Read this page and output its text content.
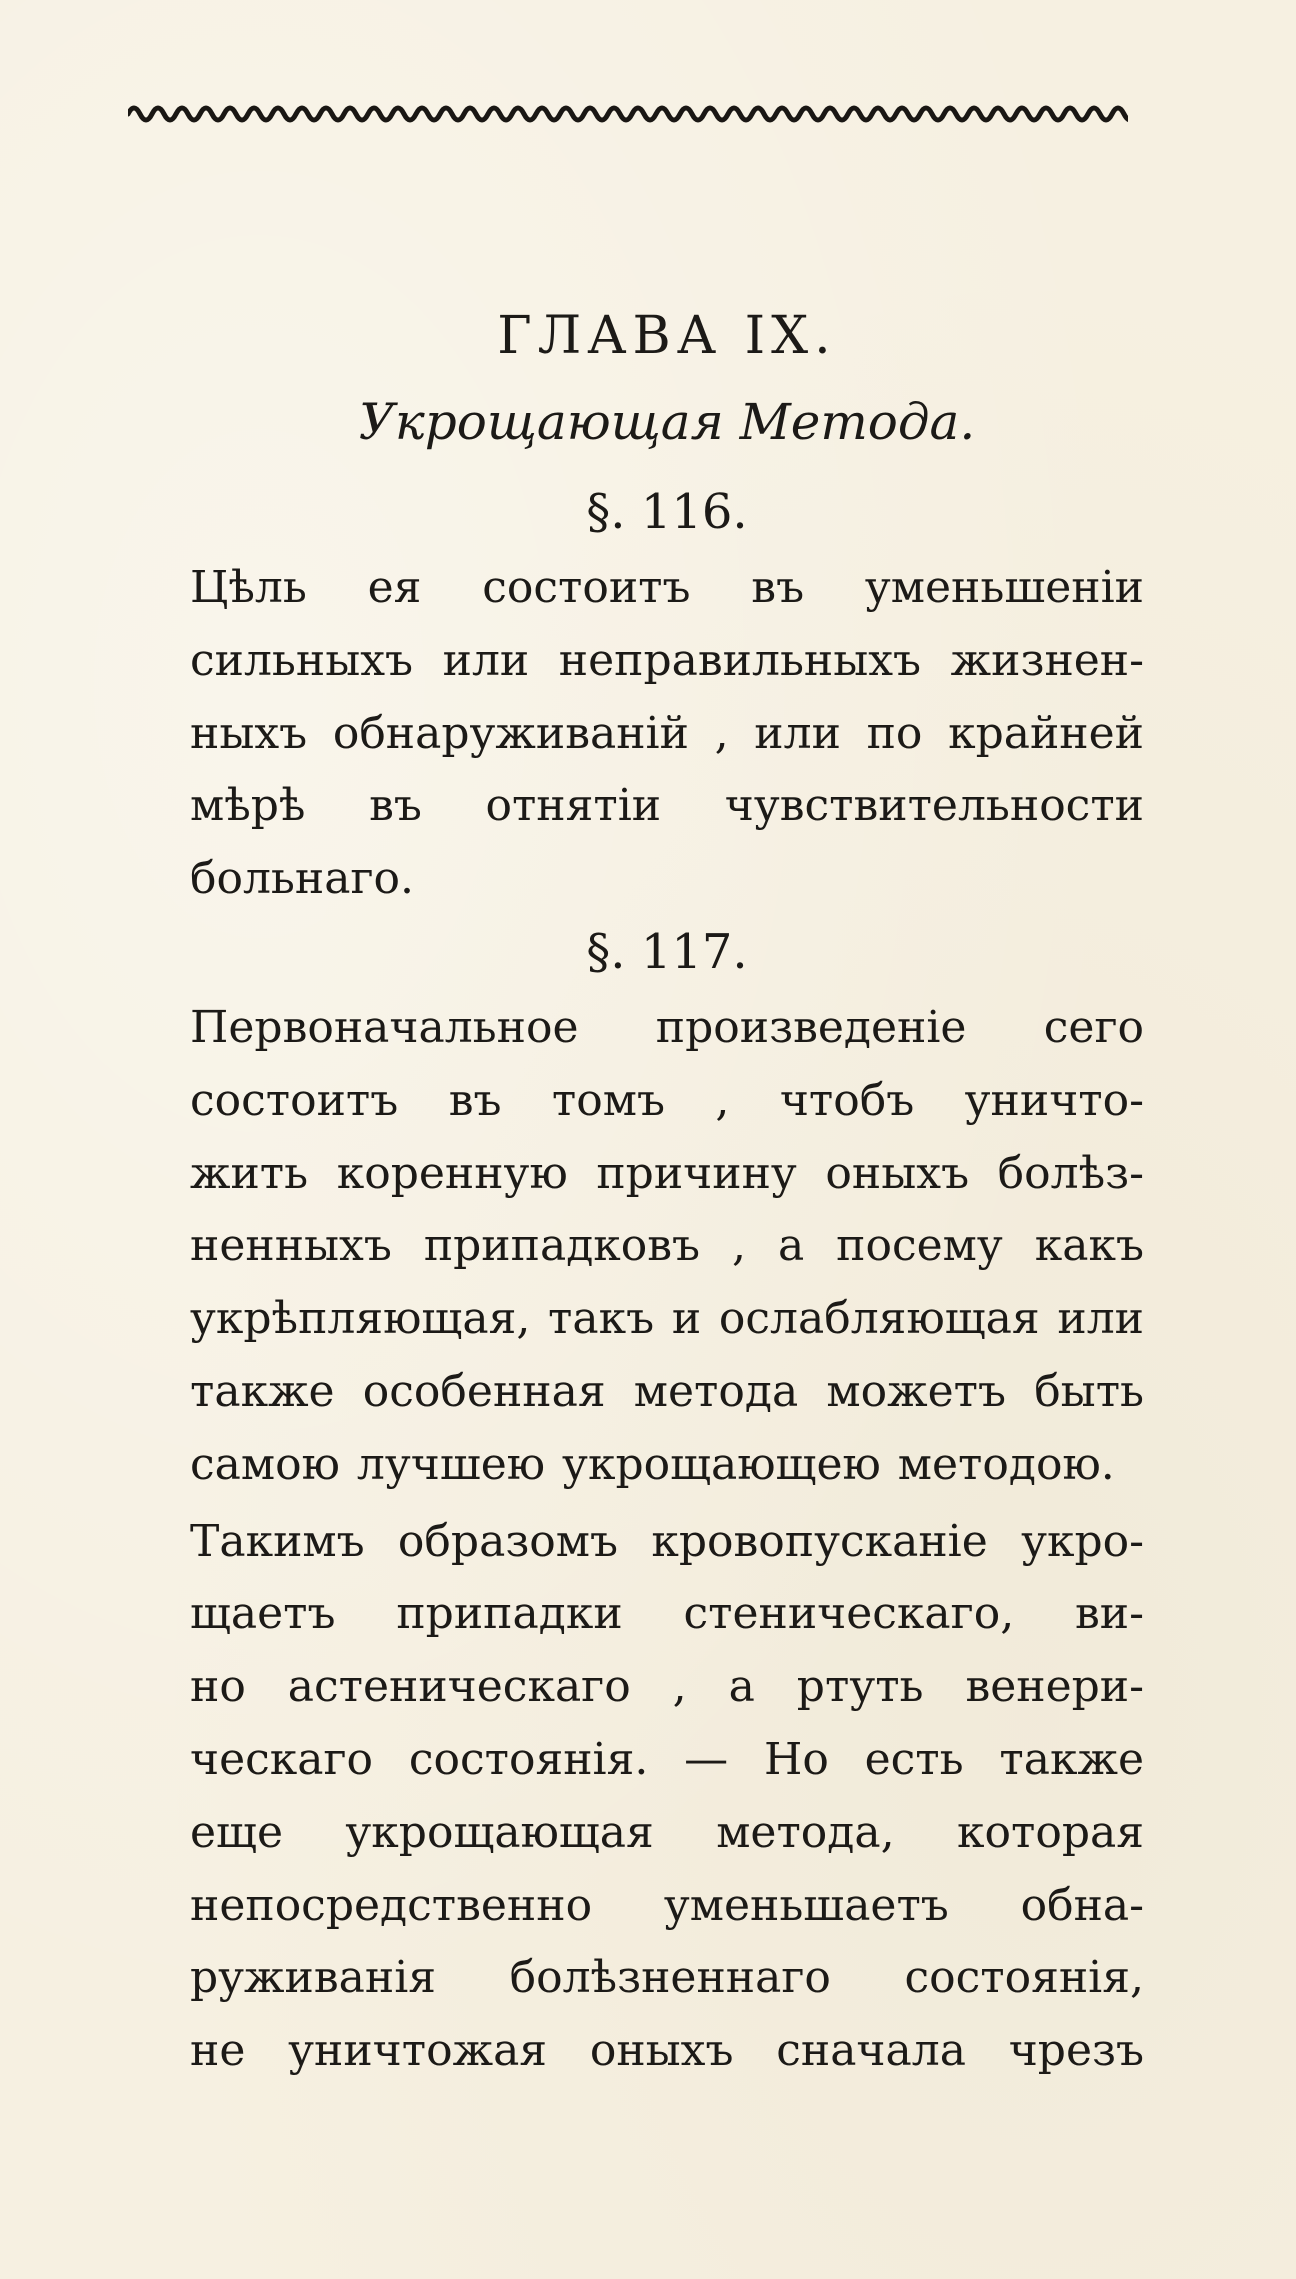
ГЛАВА IX.
Укрощающая Метода.
§. 116.

Цѣль ея состоитъ въ уменьшеніи
сильныхъ или неправильныхъ жизнен-
ныхъ обнаруживаній , или по крайней
мѣрѣ въ отнятіи чувствительности
больнаго.

§. 117.

Первоначальное произведеніе сего
состоитъ въ томъ , чтобъ уничто-
жить коренную причину оныхъ болѣз-
ненныхъ припадковъ , а посему какъ
укрѣпляющая, такъ и ослабляющая или
также особенная метода можетъ быть
самою лучшею укрощающею методою.

Такимъ образомъ кровопусканіе укро-
щаетъ припадки стеническаго, ви-
но астеническаго , а ртуть венери-
ческаго состоянія. — Но есть также
еще укрощающая метода, которая
непосредственно уменьшаетъ обна-
руживанія болѣзненнаго состоянія,
не уничтожая оныхъ сначала чрезъ
